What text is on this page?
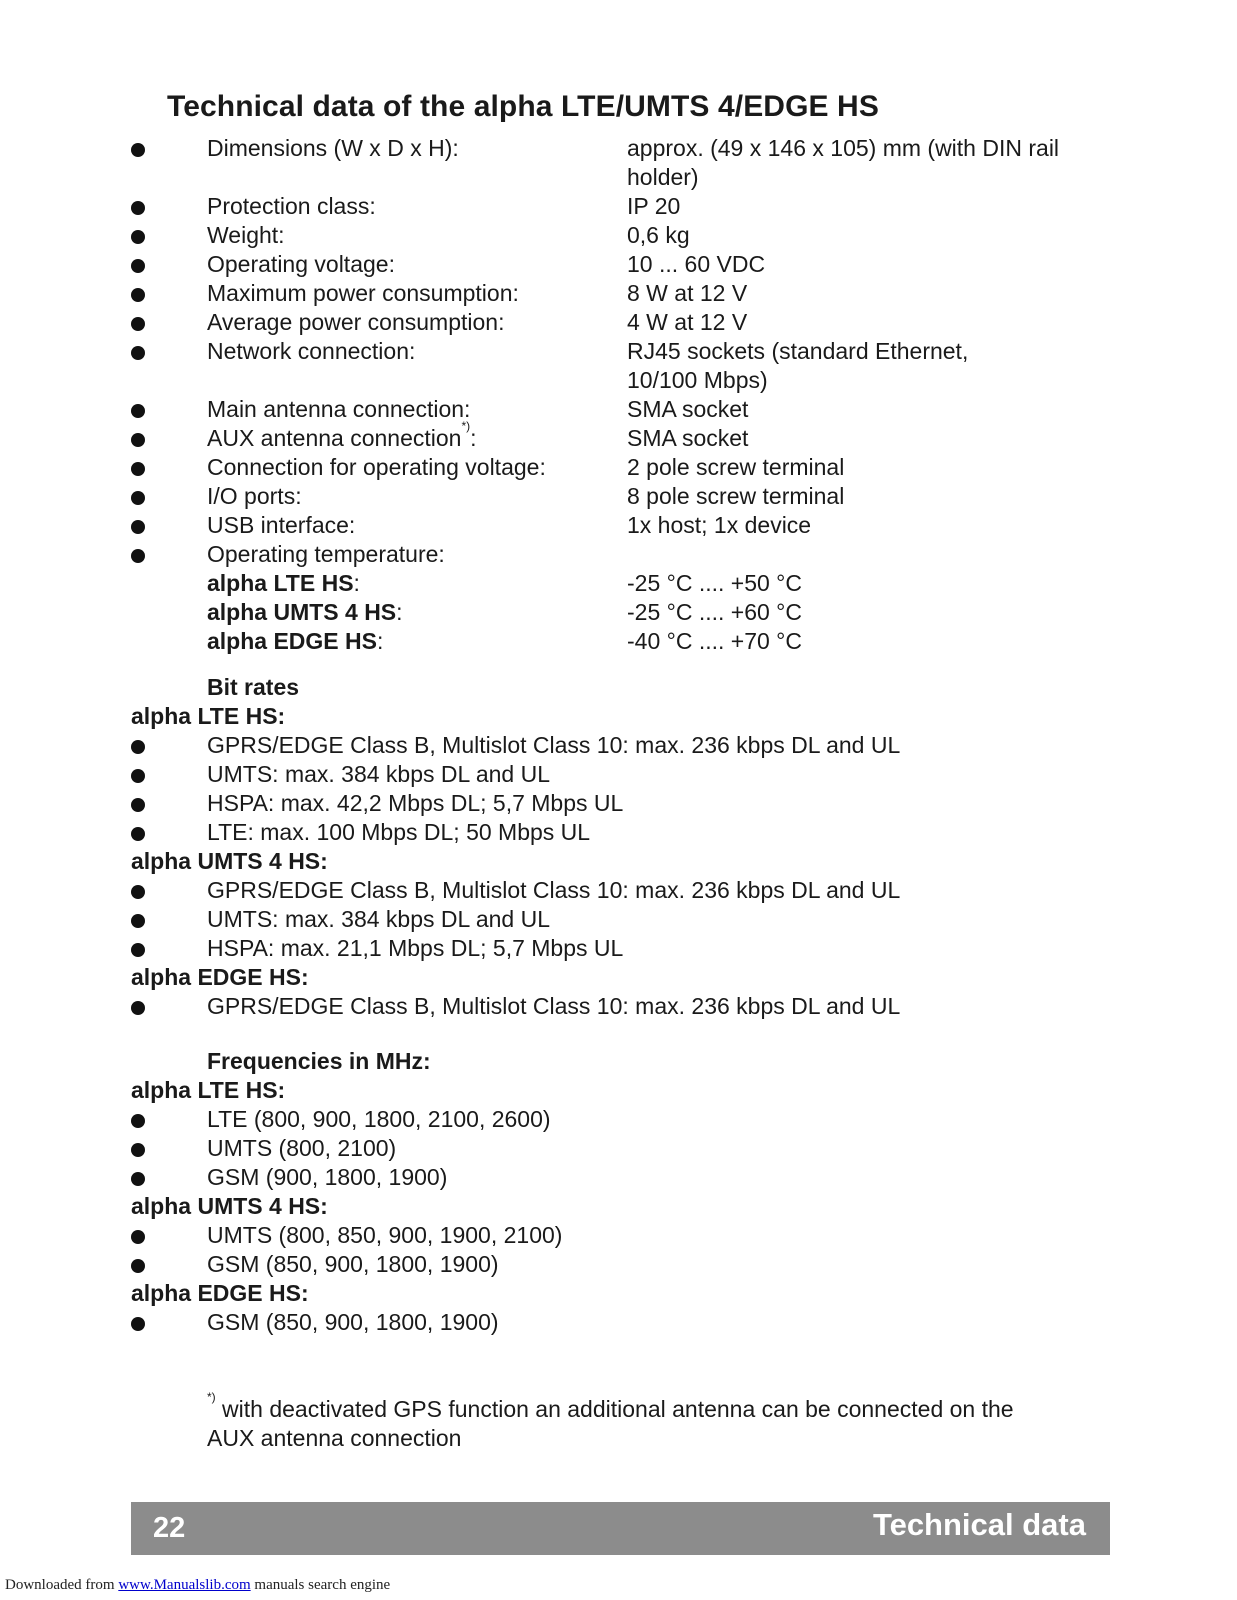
Technical data of the alpha LTE/UMTS 4/EDGE HS
Dimensions (W x D x H):	approx. (49 x 146 x 105) mm (with DIN rail
holder)
Protection class:	IP 20
Weight:	0,6 kg
Operating voltage:	10 ... 60 VDC
Maximum power consumption:	8 W at 12 V
Average power consumption:	4 W at 12 V
Network connection:	RJ45 sockets (standard Ethernet,
10/100 Mbps)
Main antenna connection:	SMA socket
AUX antenna connection*):	SMA socket
Connection for operating voltage:	2 pole screw terminal
I/O ports:	8 pole screw terminal
USB interface:	1x host; 1x device
Operating temperature:
alpha LTE HS:	-25 °C .... +50 °C
alpha UMTS 4 HS:	-25 °C .... +60 °C
alpha EDGE HS:	-40 °C .... +70 °C
Bit rates
alpha LTE HS:
GPRS/EDGE Class B, Multislot Class 10: max. 236 kbps DL and UL
UMTS: max. 384 kbps DL and UL
HSPA: max. 42,2 Mbps DL; 5,7 Mbps UL
LTE: max. 100 Mbps DL; 50 Mbps UL
alpha UMTS 4 HS:
GPRS/EDGE Class B, Multislot Class 10: max. 236 kbps DL and UL
UMTS: max. 384 kbps DL and UL
HSPA: max. 21,1 Mbps DL; 5,7 Mbps UL
alpha EDGE HS:
GPRS/EDGE Class B, Multislot Class 10: max. 236 kbps DL and UL
Frequencies in MHz:
alpha LTE HS:
LTE (800, 900, 1800, 2100, 2600)
UMTS (800, 2100)
GSM (900, 1800, 1900)
alpha UMTS 4 HS:
UMTS (800, 850, 900, 1900, 2100)
GSM (850, 900, 1800, 1900)
alpha EDGE HS:
GSM (850, 900, 1800, 1900)
*) with deactivated GPS function an additional antenna can be connected on the
AUX antenna connection
22	Technical data
Downloaded from www.Manualslib.com manuals search engine
